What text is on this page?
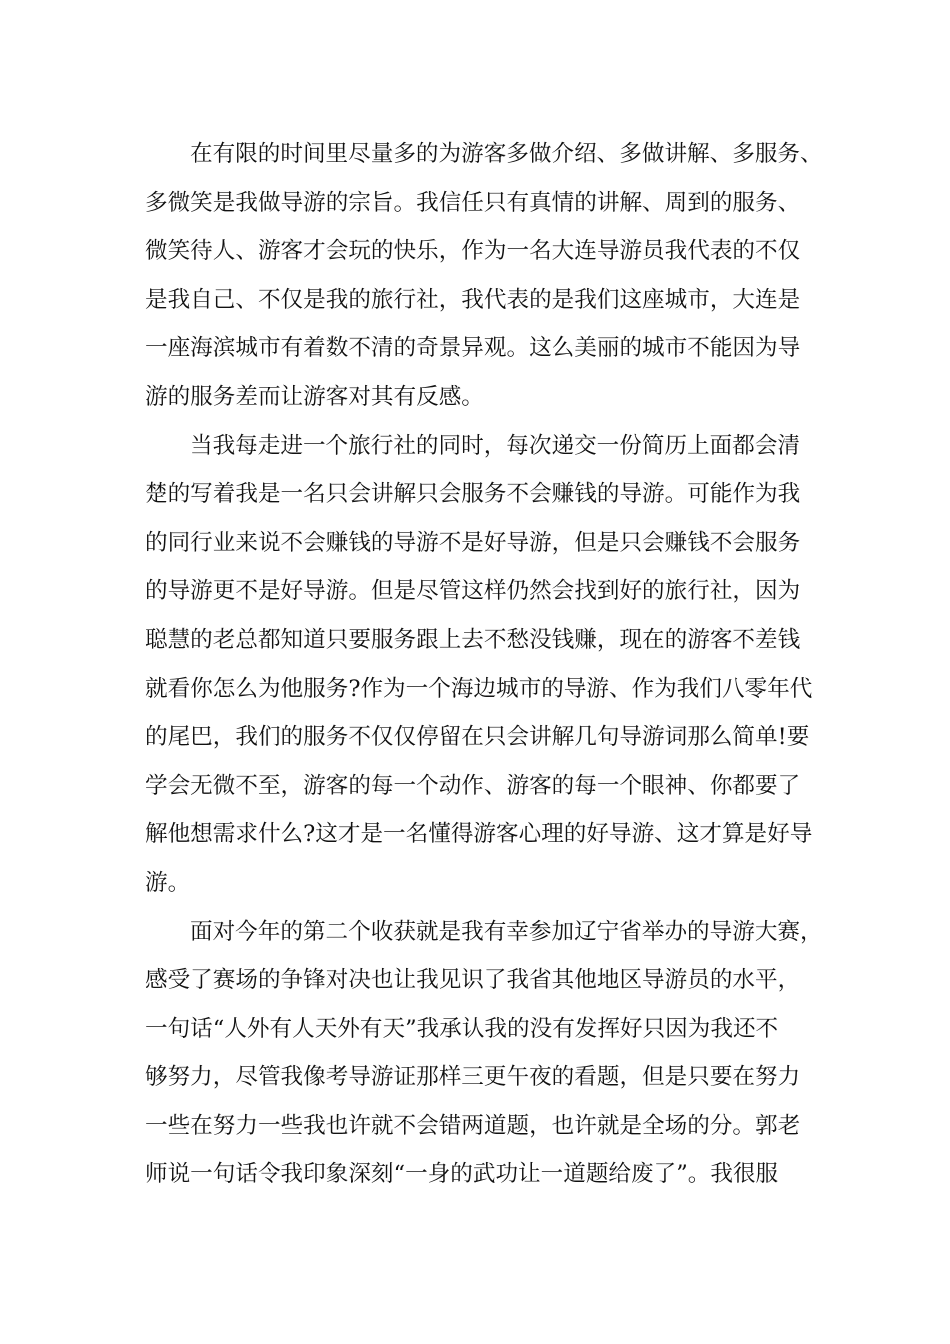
在有限的时间里尽量多的为游客多做介绍、多做讲解、多服务、
多微笑是我做导游的宗旨。我信任只有真情的讲解、周到的服务、
微笑待人、游客才会玩的快乐，作为一名大连导游员我代表的不仅
是我自己、不仅是我的旅行社，我代表的是我们这座城市，大连是
一座海滨城市有着数不清的奇景异观。这么美丽的城市不能因为导
游的服务差而让游客对其有反感。
当我每走进一个旅行社的同时，每次递交一份简历上面都会清
楚的写着我是一名只会讲解只会服务不会赚钱的导游。可能作为我
的同行业来说不会赚钱的导游不是好导游，但是只会赚钱不会服务
的导游更不是好导游。但是尽管这样仍然会找到好的旅行社，因为
聪慧的老总都知道只要服务跟上去不愁没钱赚，现在的游客不差钱
就看你怎么为他服务?作为一个海边城市的导游、作为我们八零年代
的尾巴，我们的服务不仅仅停留在只会讲解几句导游词那么简单!要
学会无微不至，游客的每一个动作、游客的每一个眼神、你都要了
解他想需求什么?这才是一名懂得游客心理的好导游、这才算是好导
游。
面对今年的第二个收获就是我有幸参加辽宁省举办的导游大赛，
感受了赛场的争锋对决也让我见识了我省其他地区导游员的水平，
一句话“人外有人天外有天”我承认我的没有发挥好只因为我还不
够努力，尽管我像考导游证那样三更午夜的看题，但是只要在努力
一些在努力一些我也许就不会错两道题，也许就是全场的分。郭老
师说一句话令我印象深刻“一身的武功让一道题给废了”。我很服
